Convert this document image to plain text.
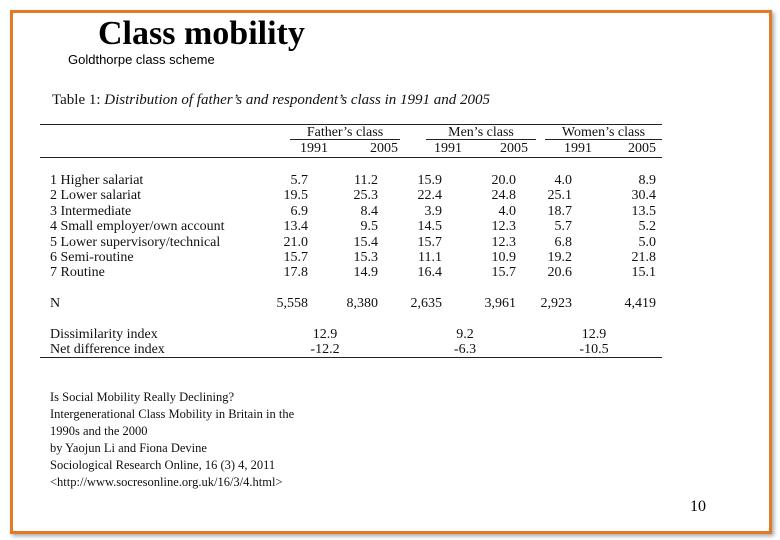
Class mobility
Goldthorpe class scheme
Table 1: Distribution of father’s and respondent’s class in 1991 and 2005
Father’s class	Men’s class	Women’s class
1991	2005	1991	2005	1991	2005
1 Higher salariat	5.7	11.2	15.9	20.0	4.0	8.9
2 Lower salariat	19.5	25.3	22.4	24.8	25.1	30.4
3 Intermediate	6.9	8.4	3.9	4.0	18.7	13.5
4 Small employer/own account	13.4	9.5	14.5	12.3	5.7	5.2
5 Lower supervisory/technical	21.0	15.4	15.7	12.3	6.8	5.0
6 Semi-routine	15.7	15.3	11.1	10.9	19.2	21.8
7 Routine	17.8	14.9	16.4	15.7	20.6	15.1
N	5,558	8,380	2,635	3,961	2,923	4,419
Dissimilarity index	12.9	9.2	12.9
Net difference index	-12.2	-6.3	-10.5
Is Social Mobility Really Declining?
Intergenerational Class Mobility in Britain in the
1990s and the 2000
by Yaojun Li and Fiona Devine
Sociological Research Online, 16 (3) 4, 2011
<http://www.socresonline.org.uk/16/3/4.html>
10
